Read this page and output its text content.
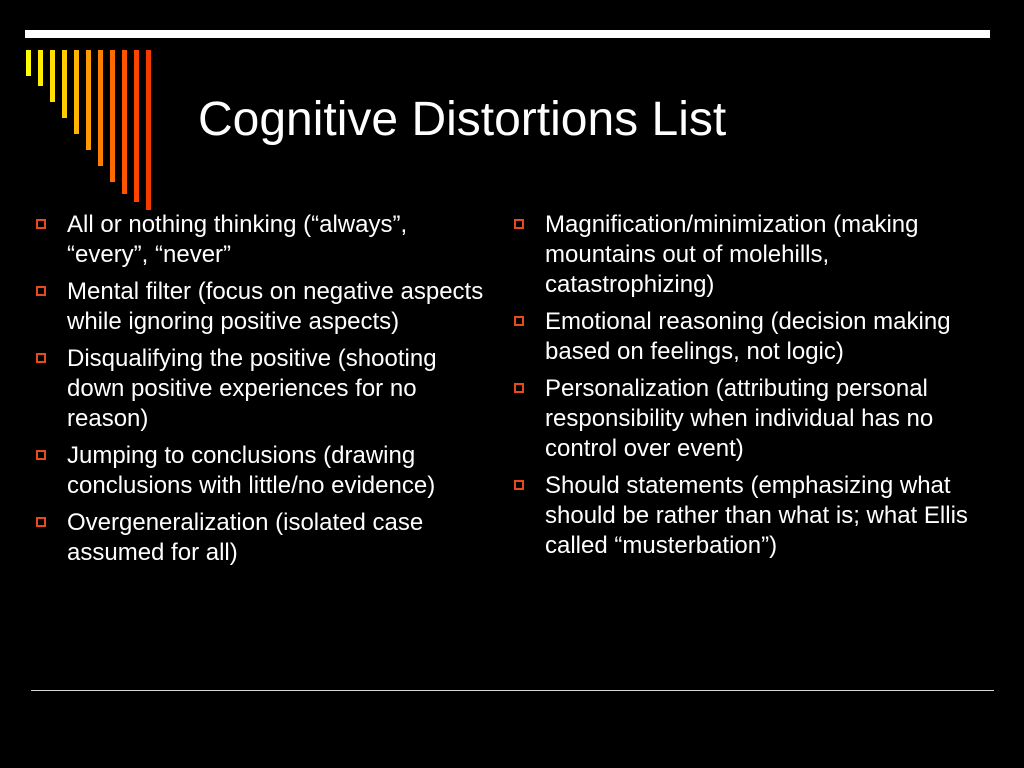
Cognitive Distortions List
All or nothing thinking (“always”, “every”, “never”
Mental filter (focus on negative aspects while ignoring positive aspects)
Disqualifying the positive (shooting down positive experiences for no reason)
Jumping to conclusions (drawing conclusions with little/no evidence)
Overgeneralization (isolated case assumed for all)
Magnification/minimization (making mountains out of molehills, catastrophizing)
Emotional reasoning (decision making based on feelings, not logic)
Personalization (attributing personal responsibility when individual has no control over event)
Should statements (emphasizing what should be rather than what is; what Ellis called “musterbation”)
